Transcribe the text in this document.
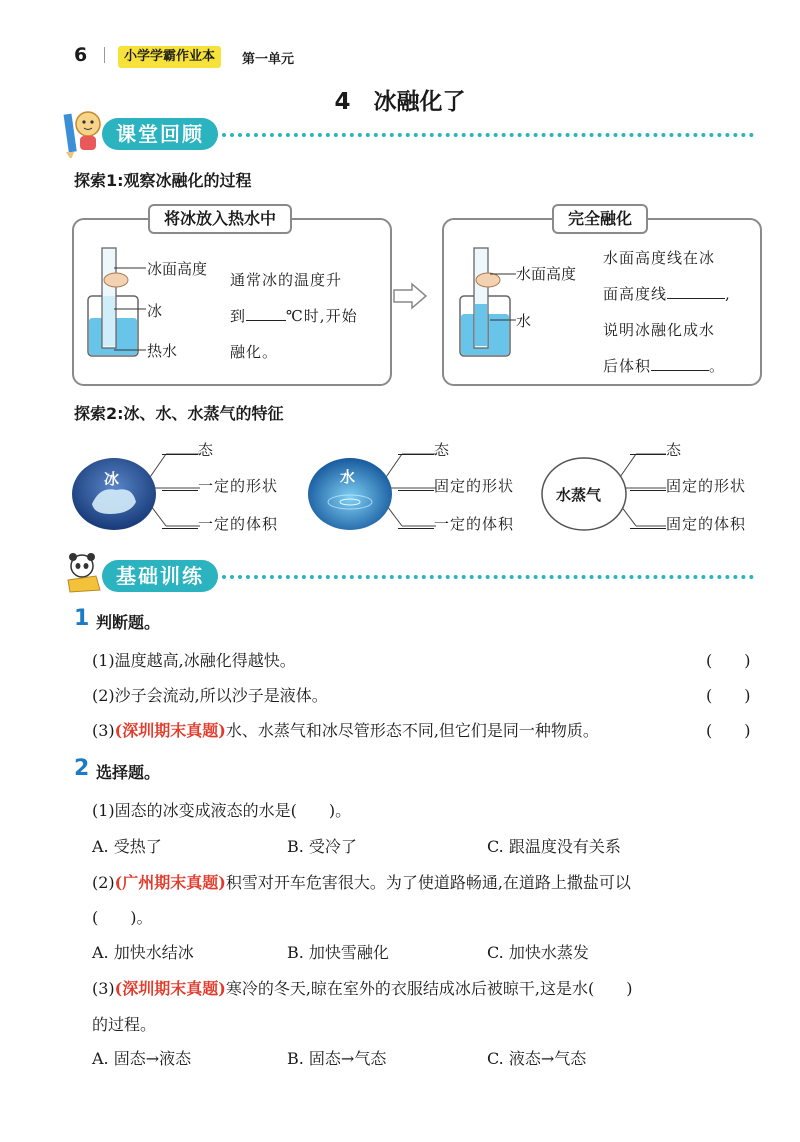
6	小学学霸作业本	第一单元
4　冰融化了
课堂回顾
探索1:观察冰融化的过程
将冰放入热水中
冰面高度
冰
热水
通常冰的温度升
到	℃时,开始
融化。
完全融化
水面高度
水
水面高度线在冰
面高度线	,
说明冰融化成水
后体积	。
探索2:冰、水、水蒸气的特征
冰
态
一定的形状
一定的体积
水
态
固定的形状
一定的体积
水蒸气
态
固定的形状
固定的体积
基础训练
1 判断题。
(1)温度越高,冰融化得越快。	(　　)
(2)沙子会流动,所以沙子是液体。	(　　)
(3)(深圳期末真题)水、水蒸气和冰尽管形态不同,但它们是同一种物质。	(　　)
2 选择题。
(1)固态的冰变成液态的水是(　　)。
A. 受热了	B. 受冷了	C. 跟温度没有关系
(2)(广州期末真题)积雪对开车危害很大。为了使道路畅通,在道路上撒盐可以
(　　)。
A. 加快水结冰	B. 加快雪融化	C. 加快水蒸发
(3)(深圳期末真题)寒冷的冬天,晾在室外的衣服结成冰后被晾干,这是水(　　)
的过程。
A. 固态→液态	B. 固态→气态	C. 液态→气态
